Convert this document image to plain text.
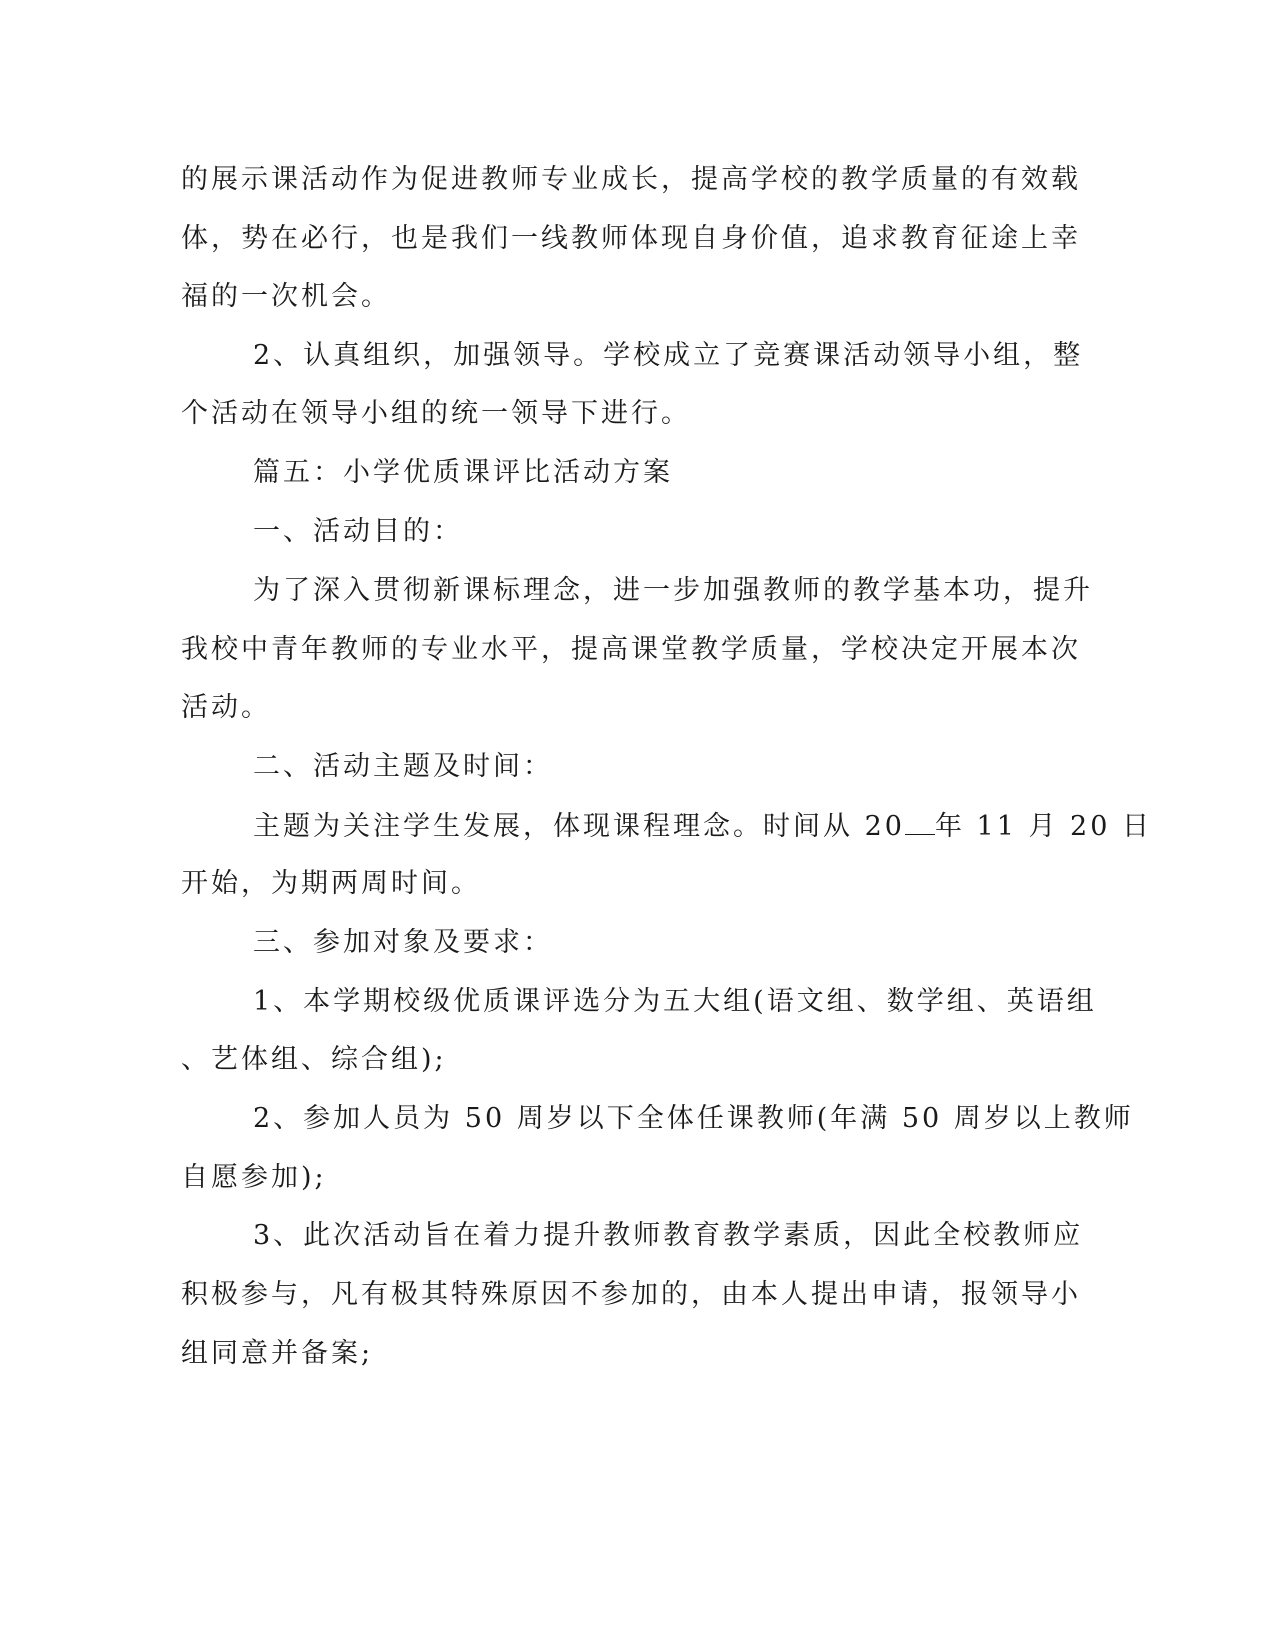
的展示课活动作为促进教师专业成长，提高学校的教学质量的有效载
体，势在必行，也是我们一线教师体现自身价值，追求教育征途上幸
福的一次机会。
2、认真组织，加强领导。学校成立了竞赛课活动领导小组，整
个活动在领导小组的统一领导下进行。
篇五：小学优质课评比活动方案
一、活动目的：
为了深入贯彻新课标理念，进一步加强教师的教学基本功，提升
我校中青年教师的专业水平，提高课堂教学质量，学校决定开展本次
活动。
二、活动主题及时间：
主题为关注学生发展，体现课程理念。时间从 20 年 11 月 20 日
开始，为期两周时间。
三、参加对象及要求：
1、本学期校级优质课评选分为五大组(语文组、数学组、英语组
、艺体组、综合组);
2、参加人员为 50 周岁以下全体任课教师(年满 50 周岁以上教师
自愿参加);
3、此次活动旨在着力提升教师教育教学素质，因此全校教师应
积极参与，凡有极其特殊原因不参加的，由本人提出申请，报领导小
组同意并备案;
